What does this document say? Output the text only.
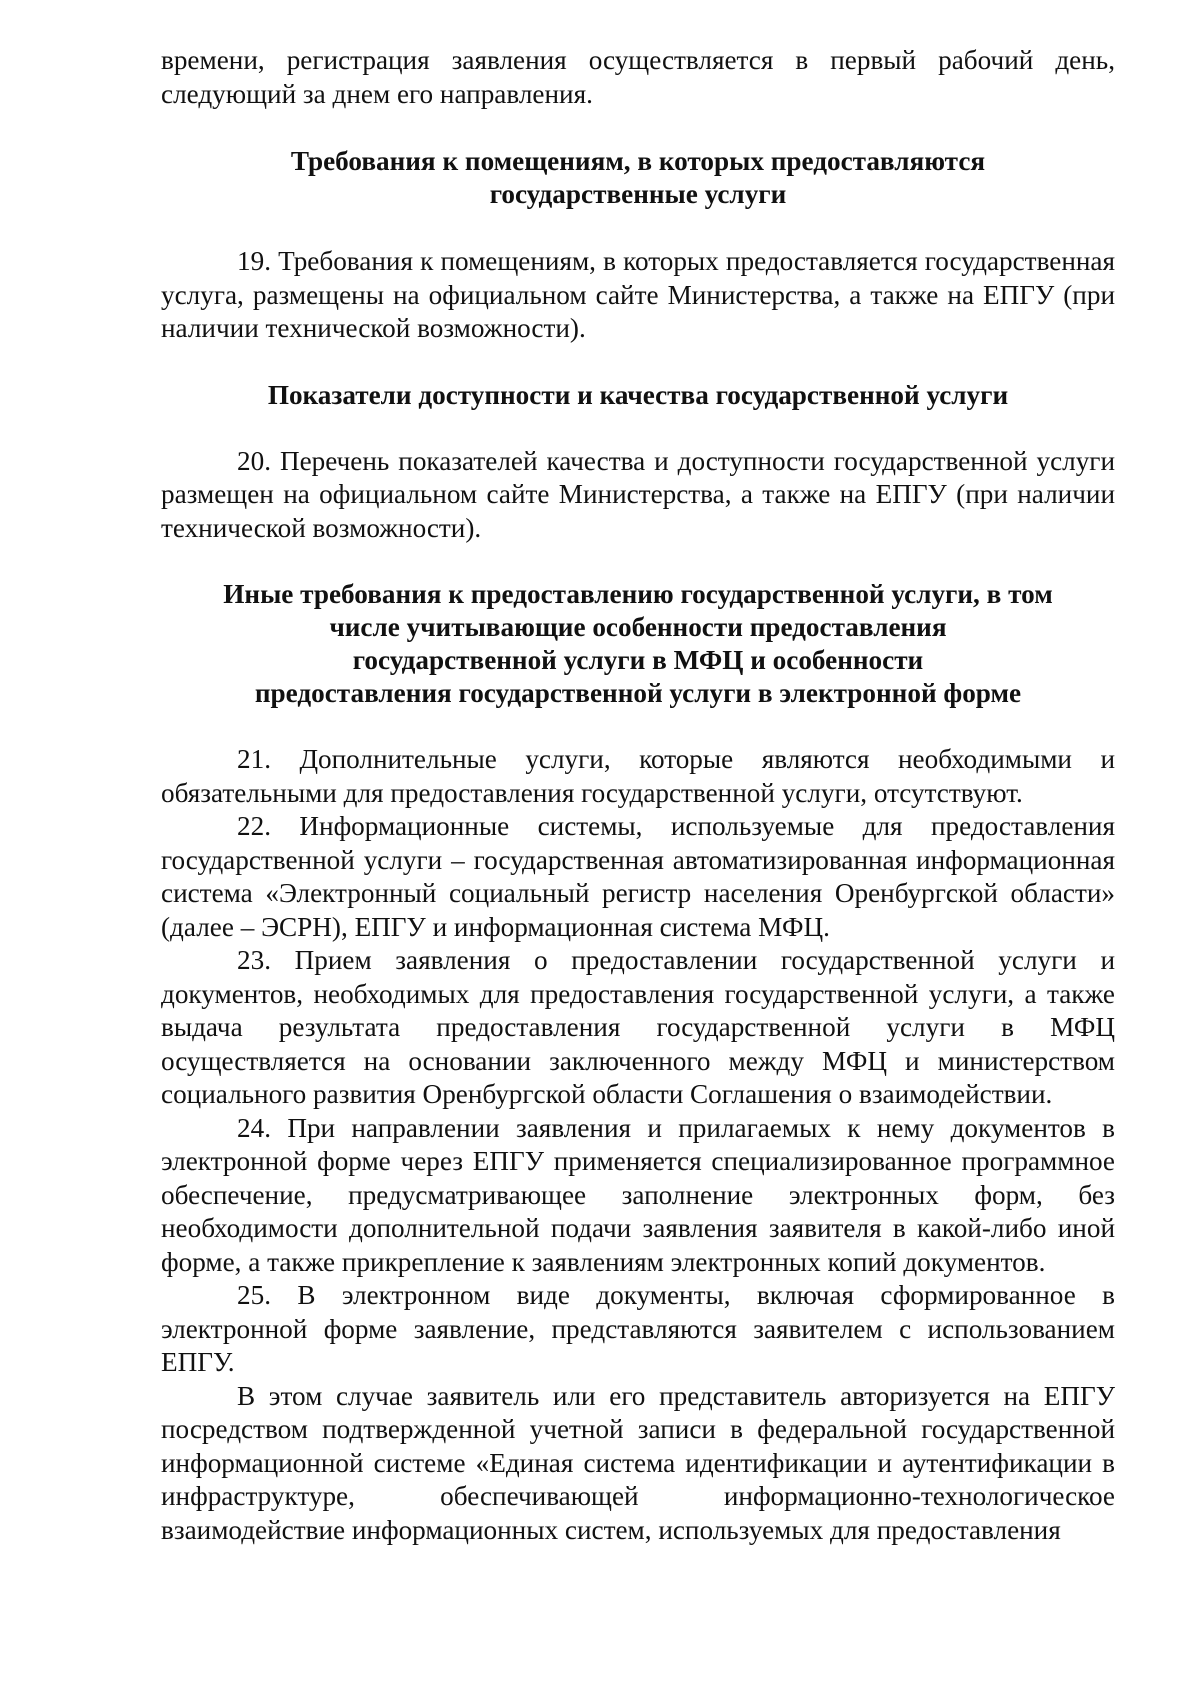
времени, регистрация заявления осуществляется в первый рабочий день, следующий за днем его направления.

Требования к помещениям, в которых предоставляются государственные услуги

19. Требования к помещениям, в которых предоставляется государственная услуга, размещены на официальном сайте Министерства, а также на ЕПГУ (при наличии технической возможности).

Показатели доступности и качества государственной услуги

20. Перечень показателей качества и доступности государственной услуги размещен на официальном сайте Министерства, а также на ЕПГУ (при наличии технической возможности).

Иные требования к предоставлению государственной услуги, в том

числе учитывающие особенности предоставления

государственной услуги в МФЦ и особенности

предоставления государственной услуги в электронной форме

21. Дополнительные услуги, которые являются необходимыми и обязательными для предоставления государственной услуги, отсутствуют.

22. Информационные системы, используемые для предоставления государственной услуги – государственная автоматизированная информационная система «Электронный социальный регистр населения Оренбургской области» (далее – ЭСРН), ЕПГУ и информационная система МФЦ.

23. Прием заявления о предоставлении государственной услуги и документов, необходимых для предоставления государственной услуги, а также выдача результата предоставления государственной услуги в МФЦ осуществляется на основании заключенного между МФЦ и министерством социального развития Оренбургской области Соглашения о взаимодействии.

24. При направлении заявления и прилагаемых к нему документов в электронной форме через ЕПГУ применяется специализированное программное обеспечение, предусматривающее заполнение электронных форм, без необходимости дополнительной подачи заявления заявителя в какой-либо иной форме, а также прикрепление к заявлениям электронных копий документов.

25. В электронном виде документы, включая сформированное в электронной форме заявление, представляются заявителем с использованием ЕПГУ.

В этом случае заявитель или его представитель авторизуется на ЕПГУ посредством подтвержденной учетной записи в федеральной государственной информационной системе «Единая система идентификации и аутентификации в инфраструктуре, обеспечивающей информационно-технологическое взаимодействие информационных систем, используемых для предоставления
